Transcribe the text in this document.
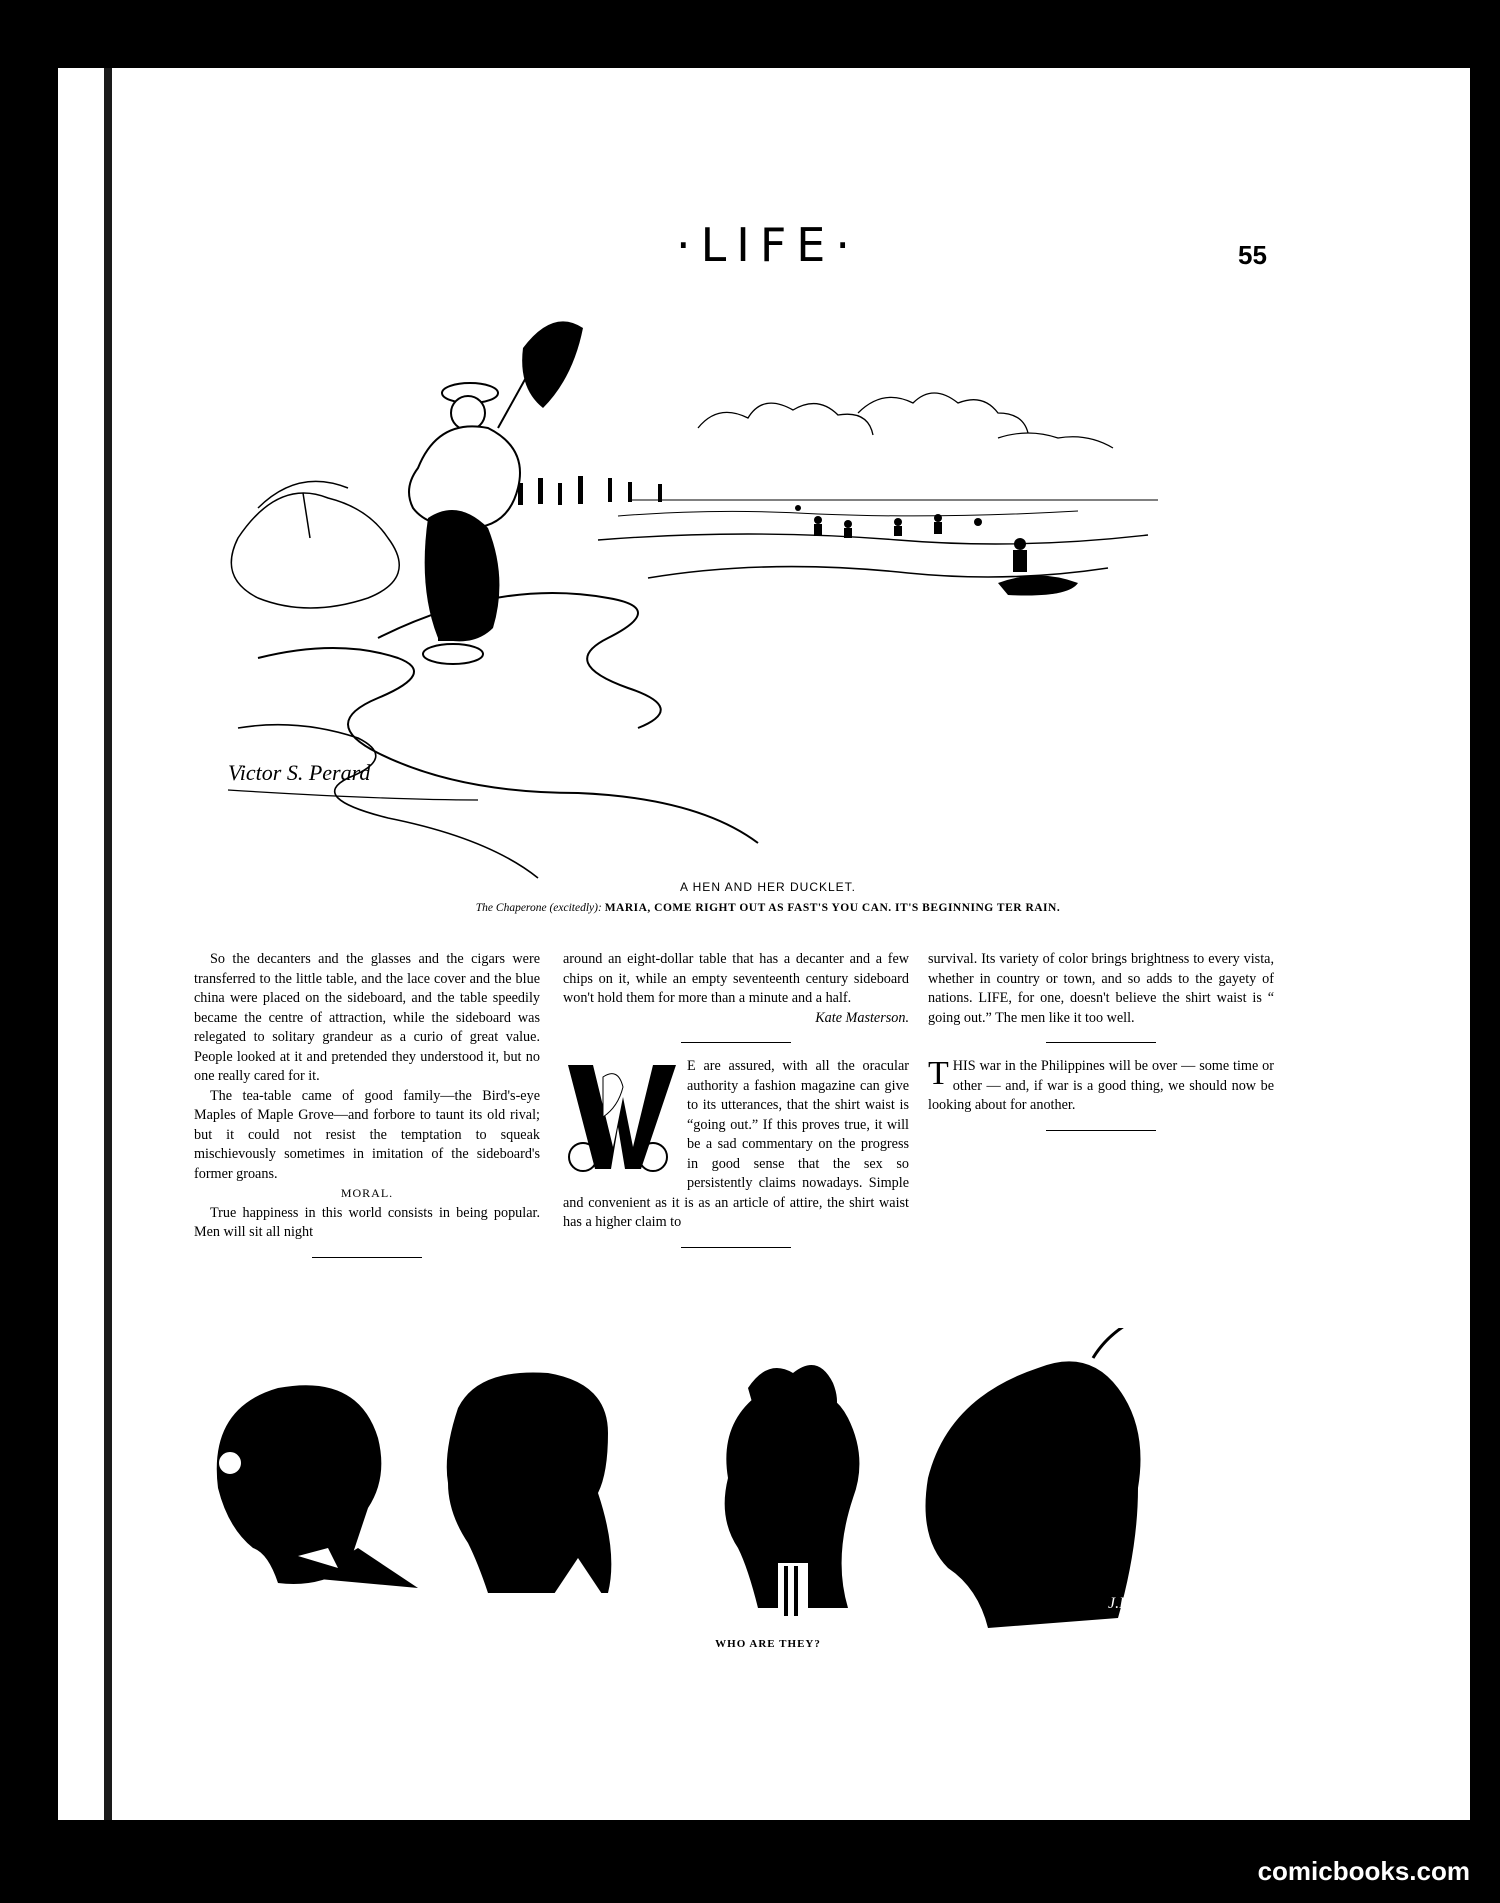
·LIFE·	55
Victor S. Perard
A HEN AND HER DUCKLET.
The Chaperone (excitedly): MARIA, COME RIGHT OUT AS FAST'S YOU CAN. IT'S BEGINNING TER RAIN.

So the decanters and the glasses and the cigars were transferred to the little table, and the lace cover and the blue china were placed on the sideboard, and the table speedily became the centre of attraction, while the sideboard was relegated to solitary grandeur as a curio of great value. People looked at it and pretended they understood it, but no one really cared for it.

The tea-table came of good family—the Bird's-eye Maples of Maple Grove—and forbore to taunt its old rival; but it could not resist the temptation to squeak mischievously sometimes in imitation of the sideboard's former groans.

MORAL.

True happiness in this world consists in being popular. Men will sit all night

around an eight-dollar table that has a decanter and a few chips on it, while an empty seventeenth century sideboard won't hold them for more than a minute and a half.

Kate Masterson.

E are assured, with all the oracular authority a fashion magazine can give to its utterances, that the shirt waist is “going out.” If this proves true, it will be a sad commentary on the progress in good sense that the sex so persistently claims nowadays. Simple and convenient as it is as an article of attire, the shirt waist has a higher claim to

survival. Its variety of color brings brightness to every vista, whether in country or town, and so adds to the gayety of nations. LIFE, for one, doesn't believe the shirt waist is “ going out.” The men like it too well.

THIS war in the Philippines will be over — some time or other — and, if war is a good thing, we should now be looking about for another.

J.B.
WHO ARE THEY?
comicbooks.com
